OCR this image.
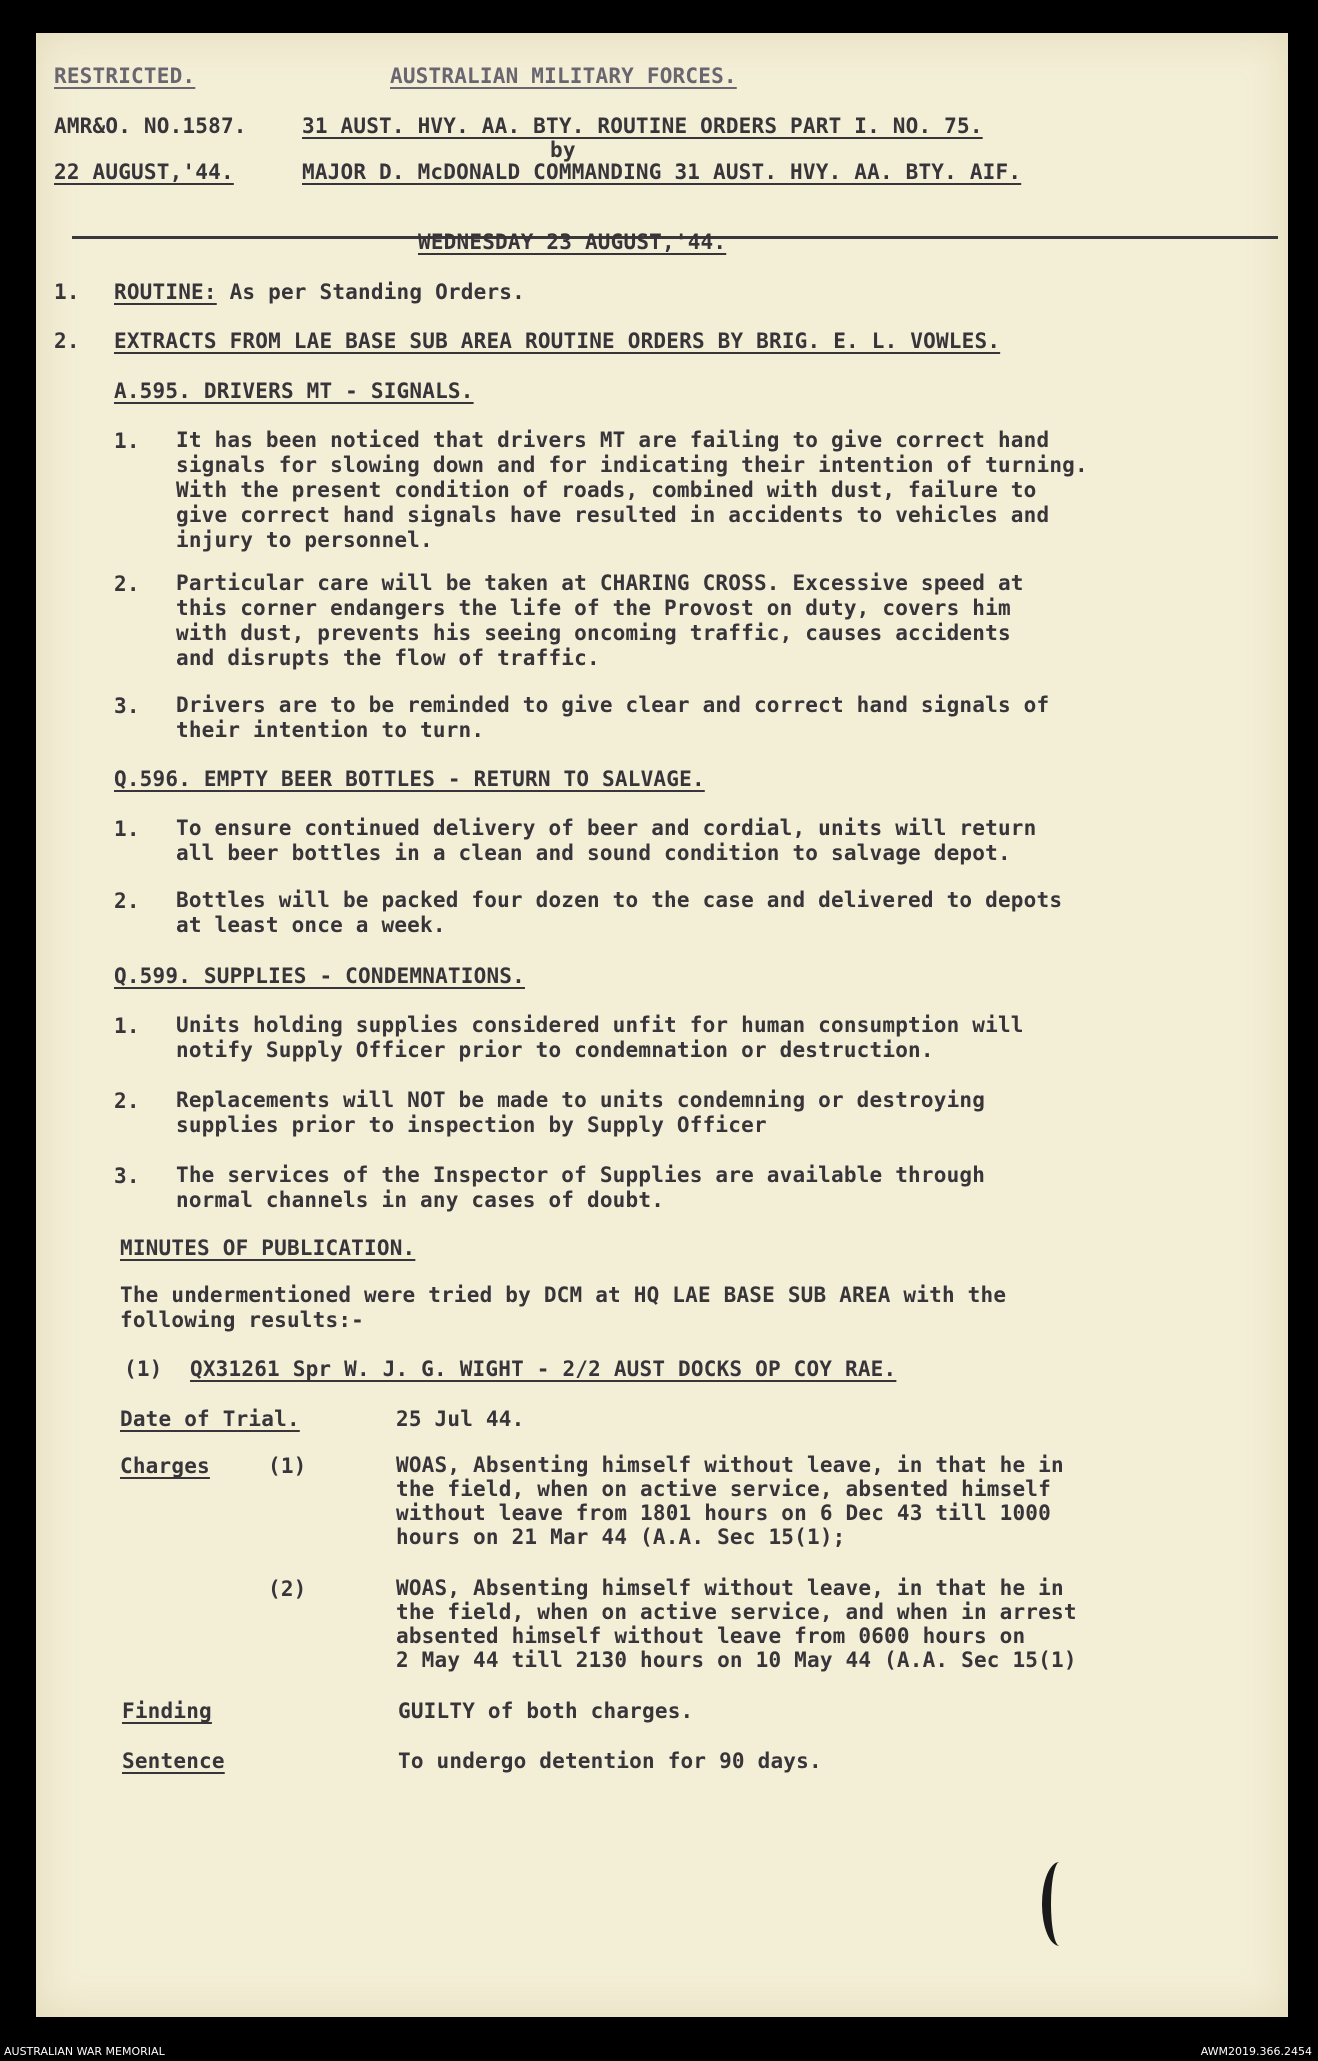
RESTRICTED.	AUSTRALIAN MILITARY FORCES.
AMR&O. NO.1587.	31 AUST. HVY. AA. BTY. ROUTINE ORDERS PART I. NO. 75.
by
22 AUGUST,'44.	MAJOR D. McDONALD COMMANDING 31 AUST. HVY. AA. BTY. AIF.
WEDNESDAY 23 AUGUST,'44.
1. ROUTINE: As per Standing Orders.
2. EXTRACTS FROM LAE BASE SUB AREA ROUTINE ORDERS BY BRIG. E. L. VOWLES.
A.595. DRIVERS MT - SIGNALS.
1. It has been noticed that drivers MT are failing to give correct hand
signals for slowing down and for indicating their intention of turning.
With the present condition of roads, combined with dust, failure to
give correct hand signals have resulted in accidents to vehicles and
injury to personnel.
2. Particular care will be taken at CHARING CROSS. Excessive speed at
this corner endangers the life of the Provost on duty, covers him
with dust, prevents his seeing oncoming traffic, causes accidents
and disrupts the flow of traffic.
3. Drivers are to be reminded to give clear and correct hand signals of
their intention to turn.
Q.596. EMPTY BEER BOTTLES - RETURN TO SALVAGE.
1. To ensure continued delivery of beer and cordial, units will return
all beer bottles in a clean and sound condition to salvage depot.
2. Bottles will be packed four dozen to the case and delivered to depots
at least once a week.
Q.599. SUPPLIES - CONDEMNATIONS.
1. Units holding supplies considered unfit for human consumption will
notify Supply Officer prior to condemnation or destruction.
2. Replacements will NOT be made to units condemning or destroying
supplies prior to inspection by Supply Officer
3. The services of the Inspector of Supplies are available through
normal channels in any cases of doubt.
MINUTES OF PUBLICATION.
The undermentioned were tried by DCM at HQ LAE BASE SUB AREA with the
following results:-
(1) QX31261 Spr W. J. G. WIGHT - 2/2 AUST DOCKS OP COY RAE.
Date of Trial.	25 Jul 44.
Charges	(1)	WOAS, Absenting himself without leave, in that he in
the field, when on active service, absented himself
without leave from 1801 hours on 6 Dec 43 till 1000
hours on 21 Mar 44 (A.A. Sec 15(1);
(2)	WOAS, Absenting himself without leave, in that he in
the field, when on active service, and when in arrest
absented himself without leave from 0600 hours on
2 May 44 till 2130 hours on 10 May 44 (A.A. Sec 15(1)
Finding	GUILTY of both charges.
Sentence	To undergo detention for 90 days.
AUSTRALIAN WAR MEMORIAL	AWM2019.366.2454
